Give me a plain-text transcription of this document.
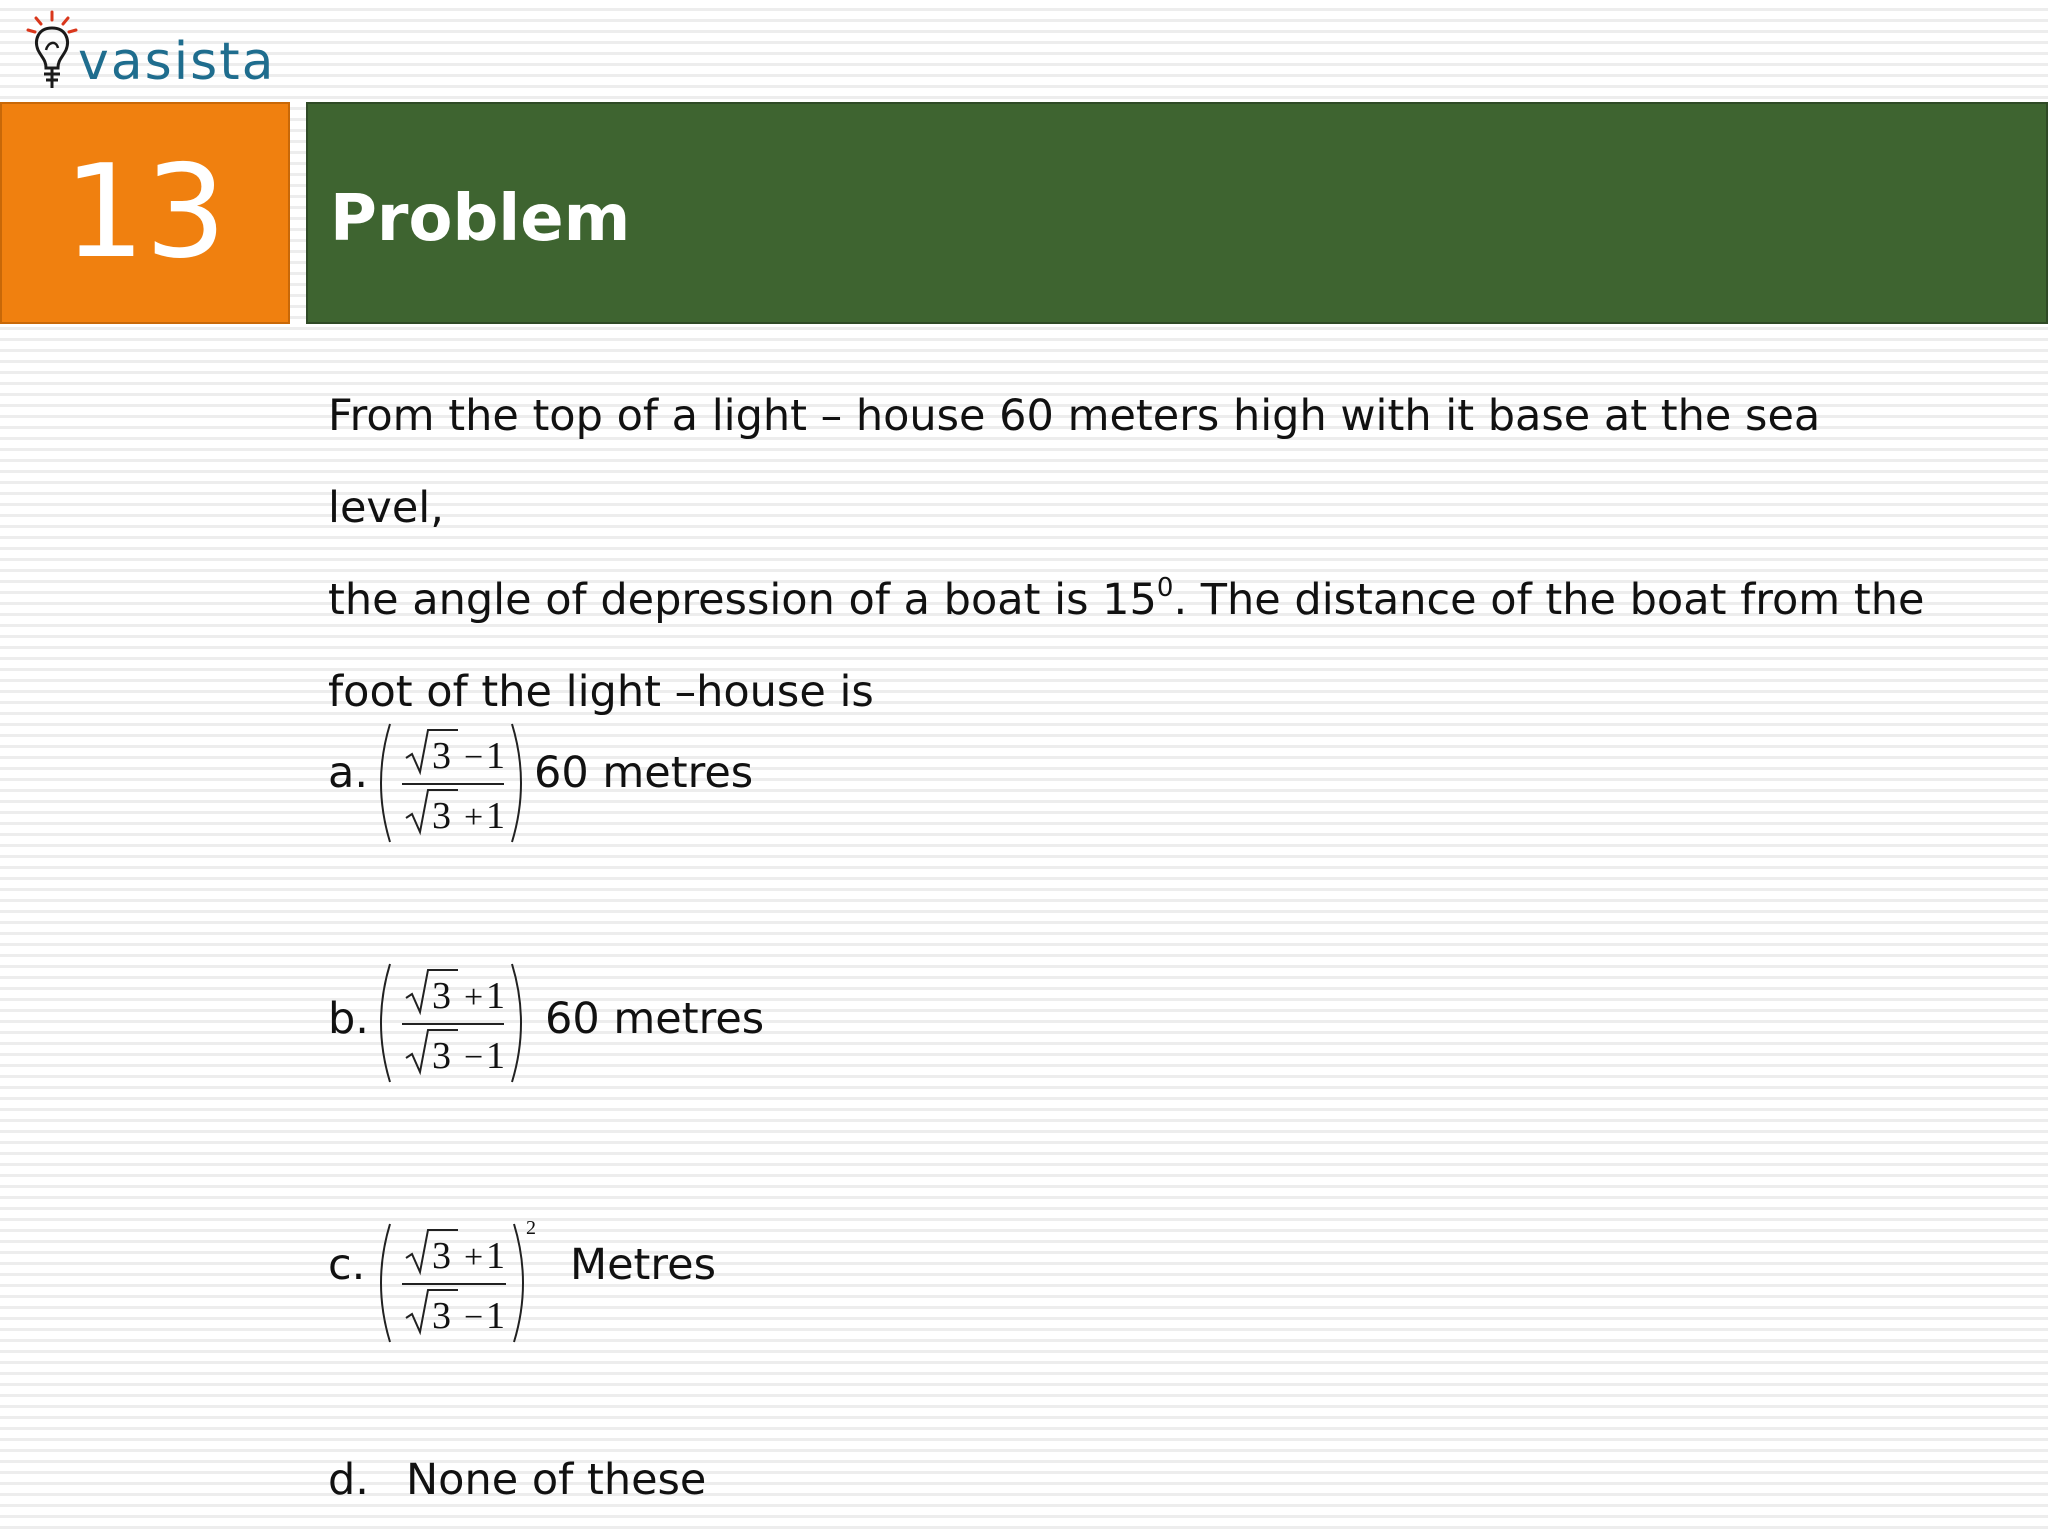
vasista
13 Problem
From the top of a light – house 60 meters high with it base at the sea level,
the angle of depression of a boat is $15^0$. The distance of the boat from the
foot of the light –house is
a. 3 − 1
3 + 1
60 metres
b. 3 + 1
3 − 1
60 metres
c.
2
3 + 1
3 − 1
Metres
d. None of these
